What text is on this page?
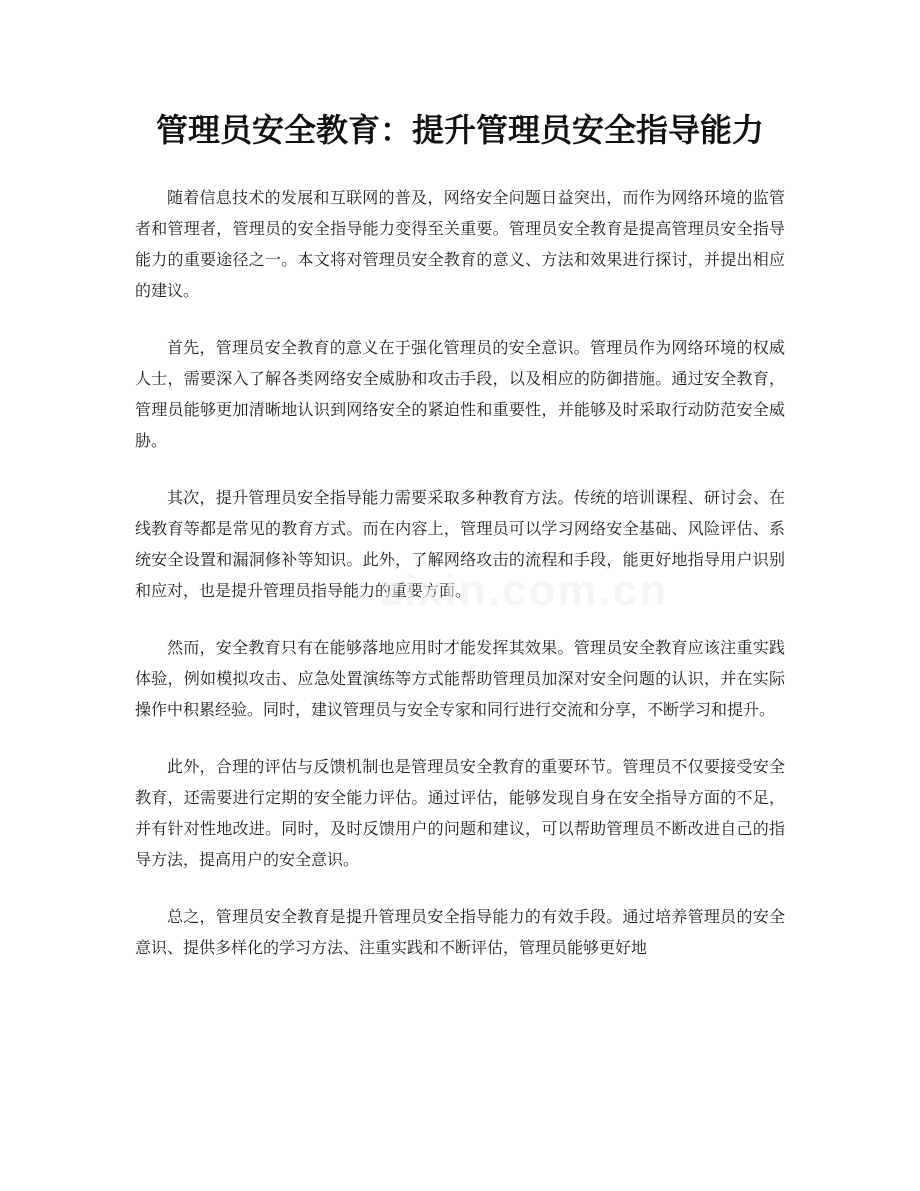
管理员安全教育：提升管理员安全指导能力

随着信息技术的发展和互联网的普及，网络安全问题日益突出，而作为网络环境的监管者和管理者，管理员的安全指导能力变得至关重要。管理员安全教育是提高管理员安全指导能力的重要途径之一。本文将对管理员安全教育的意义、方法和效果进行探讨，并提出相应的建议。

首先，管理员安全教育的意义在于强化管理员的安全意识。管理员作为网络环境的权威人士，需要深入了解各类网络安全威胁和攻击手段，以及相应的防御措施。通过安全教育，管理员能够更加清晰地认识到网络安全的紧迫性和重要性，并能够及时采取行动防范安全威胁。

其次，提升管理员安全指导能力需要采取多种教育方法。传统的培训课程、研讨会、在线教育等都是常见的教育方式。而在内容上，管理员可以学习网络安全基础、风险评估、系统安全设置和漏洞修补等知识。此外，了解网络攻击的流程和手段，能更好地指导用户识别和应对，也是提升管理员指导能力的重要方面。

然而，安全教育只有在能够落地应用时才能发挥其效果。管理员安全教育应该注重实践体验，例如模拟攻击、应急处置演练等方式能帮助管理员加深对安全问题的认识，并在实际操作中积累经验。同时，建议管理员与安全专家和同行进行交流和分享，不断学习和提升。

此外，合理的评估与反馈机制也是管理员安全教育的重要环节。管理员不仅要接受安全教育，还需要进行定期的安全能力评估。通过评估，能够发现自身在安全指导方面的不足，并有针对性地改进。同时，及时反馈用户的问题和建议，可以帮助管理员不断改进自己的指导方法，提高用户的安全意识。

总之，管理员安全教育是提升管理员安全指导能力的有效手段。通过培养管理员的安全意识、提供多样化的学习方法、注重实践和不断评估，管理员能够更好地

zixin.com.cn
